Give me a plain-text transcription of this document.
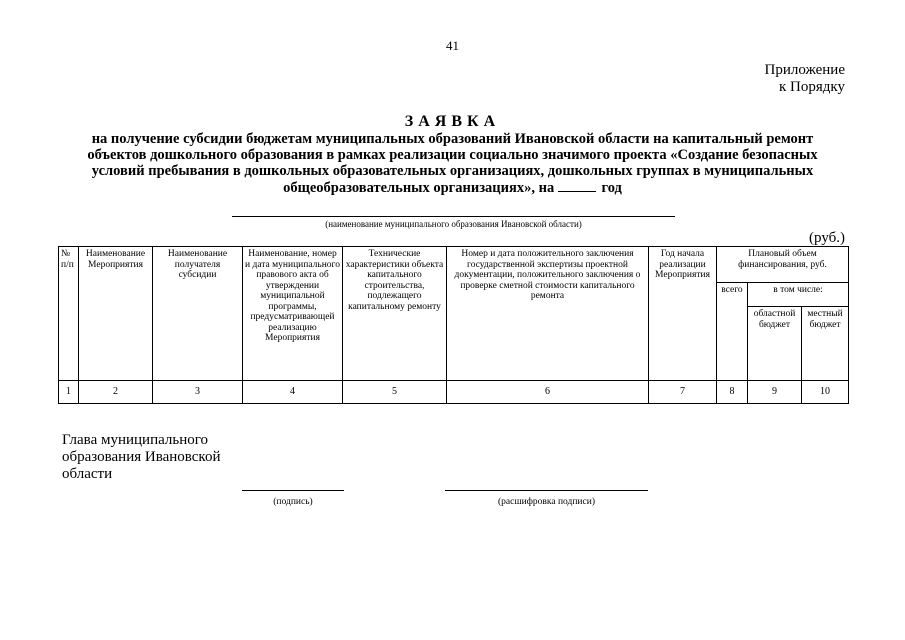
41
Приложение
к Порядку
ЗАЯВКА
на получение субсидии бюджетам муниципальных образований Ивановской области на капитальный ремонт объектов дошкольного образования в рамках реализации социально значимого проекта «Создание безопасных условий пребывания в дошкольных образовательных организациях, дошкольных группах в муниципальных общеобразовательных организациях», на	год
(наименование муниципального образования Ивановской области)
(руб.)
№ п/п	Наименование Мероприятия	Наименование получателя субсидии	Наименование, номер и дата муниципального правового акта об утверждении муниципальной программы, предусматривающей реализацию Мероприятия	Технические характеристики объекта капитального строительства, подлежащего капитальному ремонту	Номер и дата положительного заключения государственной экспертизы проектной документации, положительного заключения о проверке сметной стоимости капитального ремонта	Год начала реализации Мероприятия	Плановый объем финансирования, руб.		
							всего	в том числе:	
								областной бюджет	местный бюджет
1	2	3	4	5	6	7	8	9	10
Глава муниципального образования Ивановской области
(подпись)	(расшифровка подписи)
